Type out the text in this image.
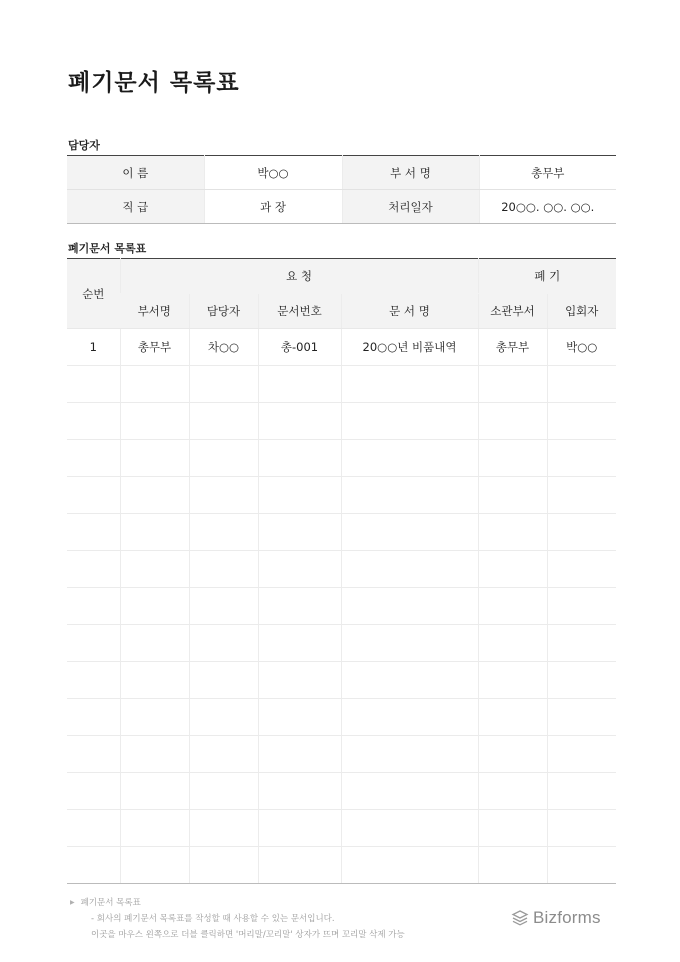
폐기문서 목록표
담당자
이 름	박○○	부 서 명	총무부
직 급	과 장	처리일자	20○○. ○○. ○○.
폐기문서 목록표
순번	요 청				폐 기	
	부서명	담당자	문서번호	문 서 명	소관부서	입회자
1	총무부	차○○	총-001	20○○년 비품내역	총무부	박○○

▶ 폐기문서 목록표
- 회사의 폐기문서 목록표를 작성할 때 사용할 수 있는 문서입니다.
이곳을 마우스 왼쪽으로 더블 클릭하면 '머리말/꼬리말' 상자가 뜨며 꼬리말 삭제 가능
Bizforms
